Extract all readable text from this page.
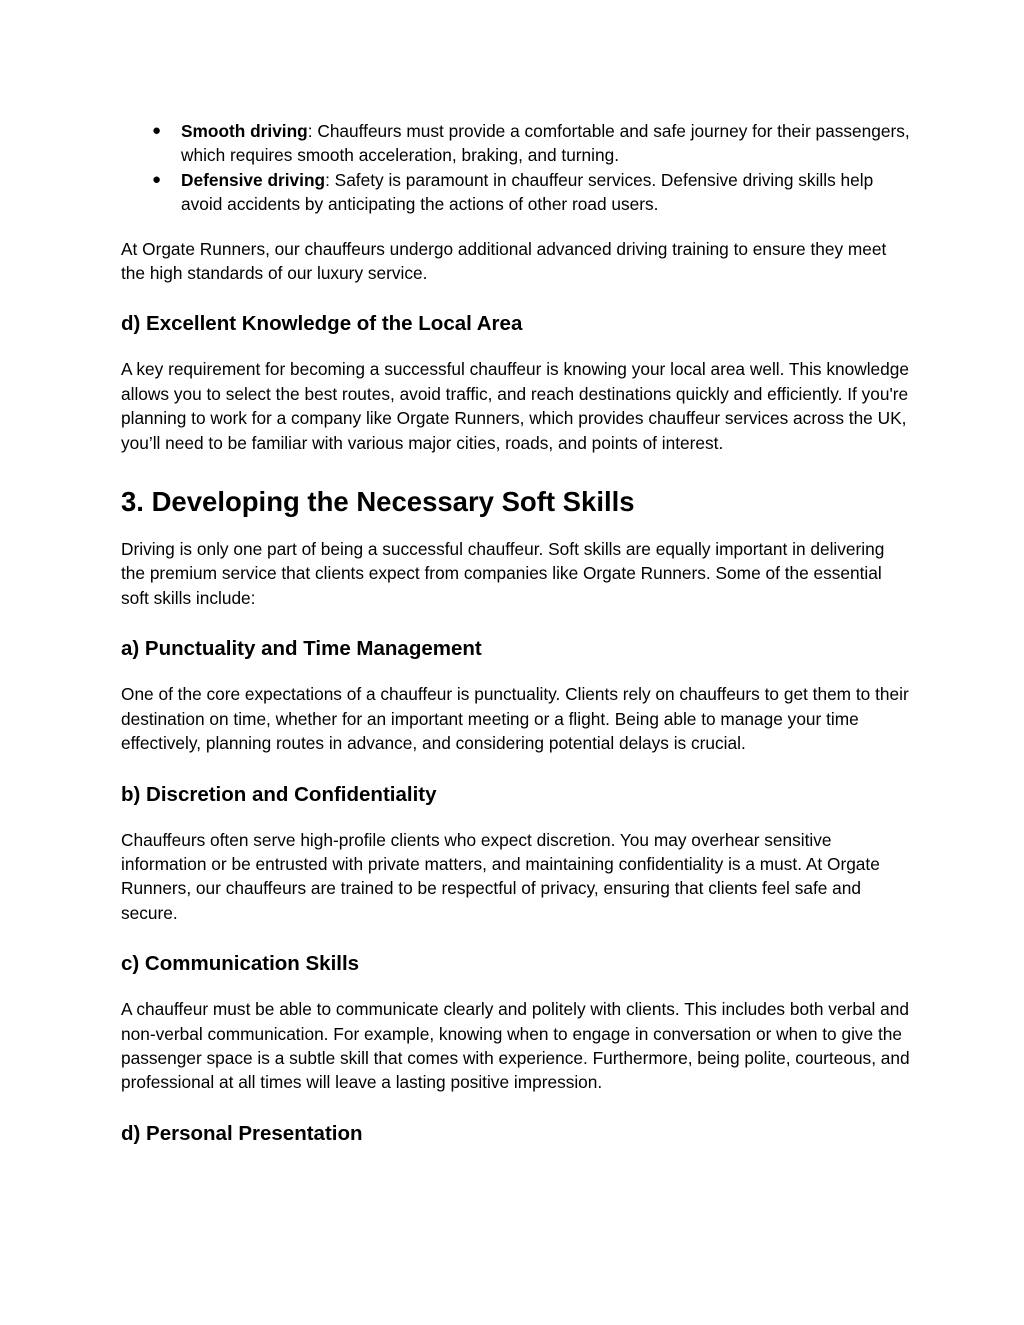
● Smooth driving: Chauffeurs must provide a comfortable and safe journey for their passengers, which requires smooth acceleration, braking, and turning.
● Defensive driving: Safety is paramount in chauffeur services. Defensive driving skills help avoid accidents by anticipating the actions of other road users.

At Orgate Runners, our chauffeurs undergo additional advanced driving training to ensure they meet the high standards of our luxury service.

d) Excellent Knowledge of the Local Area

A key requirement for becoming a successful chauffeur is knowing your local area well. This knowledge allows you to select the best routes, avoid traffic, and reach destinations quickly and efficiently. If you're planning to work for a company like Orgate Runners, which provides chauffeur services across the UK, you’ll need to be familiar with various major cities, roads, and points of interest.

3. Developing the Necessary Soft Skills

Driving is only one part of being a successful chauffeur. Soft skills are equally important in delivering the premium service that clients expect from companies like Orgate Runners. Some of the essential soft skills include:

a) Punctuality and Time Management

One of the core expectations of a chauffeur is punctuality. Clients rely on chauffeurs to get them to their destination on time, whether for an important meeting or a flight. Being able to manage your time effectively, planning routes in advance, and considering potential delays is crucial.

b) Discretion and Confidentiality

Chauffeurs often serve high-profile clients who expect discretion. You may overhear sensitive information or be entrusted with private matters, and maintaining confidentiality is a must. At Orgate Runners, our chauffeurs are trained to be respectful of privacy, ensuring that clients feel safe and secure.

c) Communication Skills

A chauffeur must be able to communicate clearly and politely with clients. This includes both verbal and non-verbal communication. For example, knowing when to engage in conversation or when to give the passenger space is a subtle skill that comes with experience. Furthermore, being polite, courteous, and professional at all times will leave a lasting positive impression.

d) Personal Presentation
